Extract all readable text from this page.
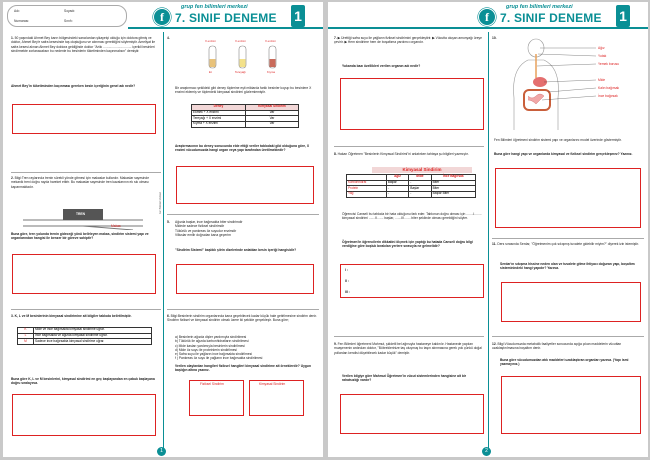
Adı:	Soyadı:
Numarası:	Sınıfı:	f
grup fen bilimleri merkezi
7. SINIF DENEME 1
1. 50 yaşındaki Ahmet Bey karın bölgesindeki sancılardan şikayetçi olduğu için doktora gitmiş ve doktor, Ahmet Bey'e safra kesesinde taş oluştuğunu ve alınması gerektiğini söylemiştir. Ameliyat ile safra kesesi alınan Ahmet Bey doktora geldiğinde doktor "Artık ............................... içerikli besinleri sindirmekte zorlanacaksın bu nedenle bu besinlerin tüketiminden kaçınmalısın" demiştir.
Ahmet Bey'in tüketiminden kaçınması gereken besin içeriğinin genel adı nedir?
2. Bilgi:Tren raylarında trenin sürekli yönde gitmesi için makaslar kullanılır. Makaslar sayesinde mekanik treni doğru rayda hareket ettirir. Bu makaslar sayesinde tren kazalarının ek sık olması kapanmaktadır.
TREN
Makas
Buna göre, tren yolunda trenin gideceği yönü belirleyen makas, sindirim sistemi yapı ve organlarından hangisi ile benzer bir göreve sahiptir?
3. K, L ve M besinlerinin kimyasal sindirimine ait bilgiler tabloda belirtilmiştir.
K	Mide ve ince bağırsakta kimyasal sindirime uğrar.
L	İnce bağırsakta ve ağızda kimyasal sindirime uğrar.
M	Sadece ince bağırsakta kimyasal sindirime uğrar.
Buna göre K, L ve M besinlerini, kimyasal sindirimi en geç başlayandan en çabuk başlayana doğru sıralayınız.
4.
X enzimi	X enzimi	X enzimi
Et	Tereyağı	Kıyma
Bir araştırmacı şekildeki gibi deney tüplerine eşit miktarda farklı besinler koyup bu besinlere X enzimi eklemiş ve tüplerdeki kimyasal sindirimi gözlemlemiştir.
Deney	Kimyasal Sindirim
Ekmek + X enzimi	Var
Tereyağı + X enzimi	Var
Kıyma + X enzimi	Var
Araştırmacının bu deney sonucunda elde ettiği veriler tablodaki gibi olduğuna göre, X enzimi vücudumuzda hangi organ veya yapı tarafından üretilmektedir?
5. Ağızda başlar, ince bağırsakta biter sindirimdir
Midede sadece fiziksel sindirimdir
Tükürük ve pankreas öz suyudur enzimdir
Villuslar emilir doğrudan kana geçerim
"Sindirim Sistemi" başlıklı şiirin dizelerinde anlatılan besin içeriği hangisidir?
6. Bilgi:Besinlerin sindirim organlarında kana geçebilecek kadar küçük hale getirilmesine sindirim denir. Sindirim fiziksel ve kimyasal sindirim olmak üzere iki şekilde gerçekleşir. Buna göre;
a) Besinlerin ağızda dişler yardımıyla sindirilmesi
b) Tükürük ile ağızda karbonhidratların sindirilmesi
c) Mide kasları yardımıyla besinlerin sindirilmesi
d) Mide öz suyu ile proteinlerin sindirilmesi
e) Safra suyu ile yağların ince bağırsakta sindirilmesi
f ) Pankreas öz suyu ile yağların ince bağırsakta sindirilmesi
Verilen olaylardan hangileri fiziksel hangileri kimyasal sindirime ait örneklerdir? Uygun başlığın altına yazınız.
Fiziksel Sindirim	Kimyasal Sindirim
Fen Bilimleri Merkezi
1
f
grup fen bilimleri merkezi
7. SINIF DENEME 1
7. ▶ Ürettiği safra suyu ile yağların fiziksel sindirimini gerçekleştirir. ▶ Vücutta oluşan amonyağı üreye çevirir. ▶ Hem sindirime hem de boşaltıma yardımcı organdır.
Yukarıda bazı özellikleri verilen organın adı nedir?
8. Hakan Öğretmen "Besinlerin Kimyasal Sindirimi"ni anlatırken tahtaya şu bilgileri yazmıştır.
Kimyasal Sindirim
	Ağız	Mide	İnce Bağırsak
Karbonhidrat	Başlar	-	Biter
Protein	-	Başlar	Biter
Yağ	-	-	Başlar Biter
Öğrencisi Canseli bu tabloda bir hata olduğunu fark eder. Tablonun doğru olması için ........l........ kimyasal sindirimi .......II....... başlar, .......III....... biter şeklinde olması gerektiğini söyler.
Öğretmen'in öğrencilerin dikkatini ölçmek için yaptığı bu hatada Canseli doğru bilgi verdiğine göre boşluk bırakılan yerlere sırasıyla ne gelmelidir?
I :
II :
III :
9. Fen Bilimleri öğretmeni Mahmut, şiddetli bel ağrısıyla hastaneye kaldırılır. Hastanede yapılan muayenenin ardından doktor, "Böbreklerinize taş oluşmuş bu taşın alınmasına gerek yok çünkü doğal yollardan kendisi düşebilecek kadar küçük" demiştir.
Verilen bilgiye göre Mahmut Öğretmen'in vücut sistemlerinden hangisine ait bir rahatsızlığı vardır?
10.
Ağız
Yutak
Yemek borusu
Mide
Kalın bağırsak
İnce bağırsak
Fen Bilimleri öğretmeni sindirim sistemi yapı ve organlarını model üzerinde göstermiştir.
Buna göre hangi yapı ve organlarda kimyasal ve fiziksel sindirim gerçekleşmez? Yazınız.
11. Ders sırasında Serdar, "Öğretmenim çok sıkışmış tuvalete gidebilir miyim?" diyerek izin istemiştir.
Serdar'ın sıkışma hissine neden olan ve tuvalete gitme ihtiyacı doğuran yapı, boşaltım sisteminindeki hangi yapıdır? Yazınız.
12. Bilgi:Vücudumuzda metabolik faaliyetler sonucunda açığa çıkan maddelerin vücuttan uzaklaştırılmasına boşaltım denir.
Buna göre vücudumuzdan atık maddeleri uzaklaştıran organları yazınız. (Yapı ismi yazmayınız.)
2
